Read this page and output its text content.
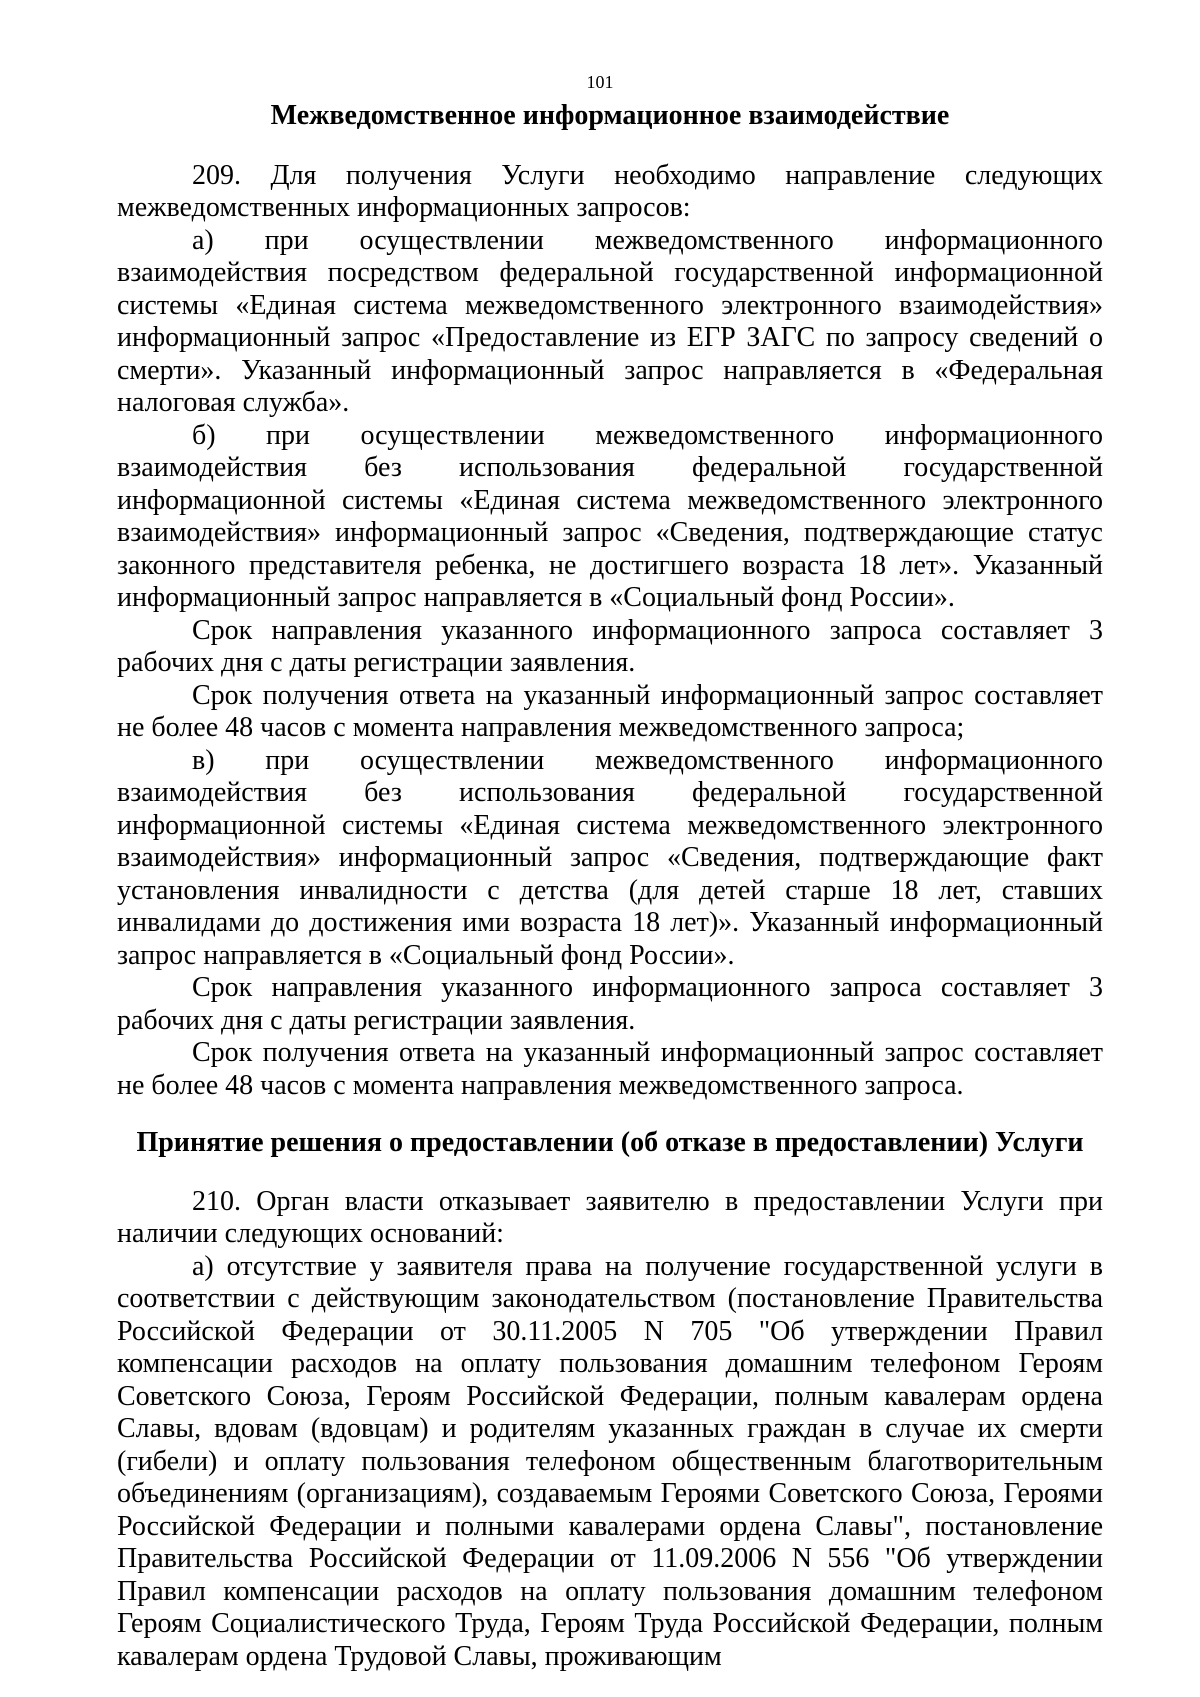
101
Межведомственное информационное взаимодействие

209. Для получения Услуги необходимо направление следующих межведомственных информационных запросов:

а) при осуществлении межведомственного информационного взаимодействия посредством федеральной государственной информационной системы «Единая система межведомственного электронного взаимодействия» информационный запрос «Предоставление из ЕГР ЗАГС по запросу сведений о смерти». Указанный информационный запрос направляется в «Федеральная налоговая служба».

б) при осуществлении межведомственного информационного взаимодействия без использования федеральной государственной информационной системы «Единая система межведомственного электронного взаимодействия» информационный запрос «Сведения, подтверждающие статус законного представителя ребенка, не достигшего возраста 18 лет». Указанный информационный запрос направляется в «Социальный фонд России».

Срок направления указанного информационного запроса составляет 3 рабочих дня с даты регистрации заявления.

Срок получения ответа на указанный информационный запрос составляет не более 48 часов с момента направления межведомственного запроса;

в) при осуществлении межведомственного информационного взаимодействия без использования федеральной государственной информационной системы «Единая система межведомственного электронного взаимодействия» информационный запрос «Сведения, подтверждающие факт установления инвалидности с детства (для детей старше 18 лет, ставших инвалидами до достижения ими возраста 18 лет)». Указанный информационный запрос направляется в «Социальный фонд России».

Срок направления указанного информационного запроса составляет 3 рабочих дня с даты регистрации заявления.

Срок получения ответа на указанный информационный запрос составляет не более 48 часов с момента направления межведомственного запроса.

Принятие решения о предоставлении (об отказе в предоставлении) Услуги

210. Орган власти отказывает заявителю в предоставлении Услуги при наличии следующих оснований:

а) отсутствие у заявителя права на получение государственной услуги в соответствии с действующим законодательством (постановление Правительства Российской Федерации от 30.11.2005 N 705 "Об утверждении Правил компенсации расходов на оплату пользования домашним телефоном Героям Советского Союза, Героям Российской Федерации, полным кавалерам ордена Славы, вдовам (вдовцам) и родителям указанных граждан в случае их смерти (гибели) и оплату пользования телефоном общественным благотворительным объединениям (организациям), создаваемым Героями Советского Союза, Героями Российской Федерации и полными кавалерами ордена Славы", постановление Правительства Российской Федерации от 11.09.2006 N 556 "Об утверждении Правил компенсации расходов на оплату пользования домашним телефоном Героям Социалистического Труда, Героям Труда Российской Федерации, полным кавалерам ордена Трудовой Славы, проживающим
